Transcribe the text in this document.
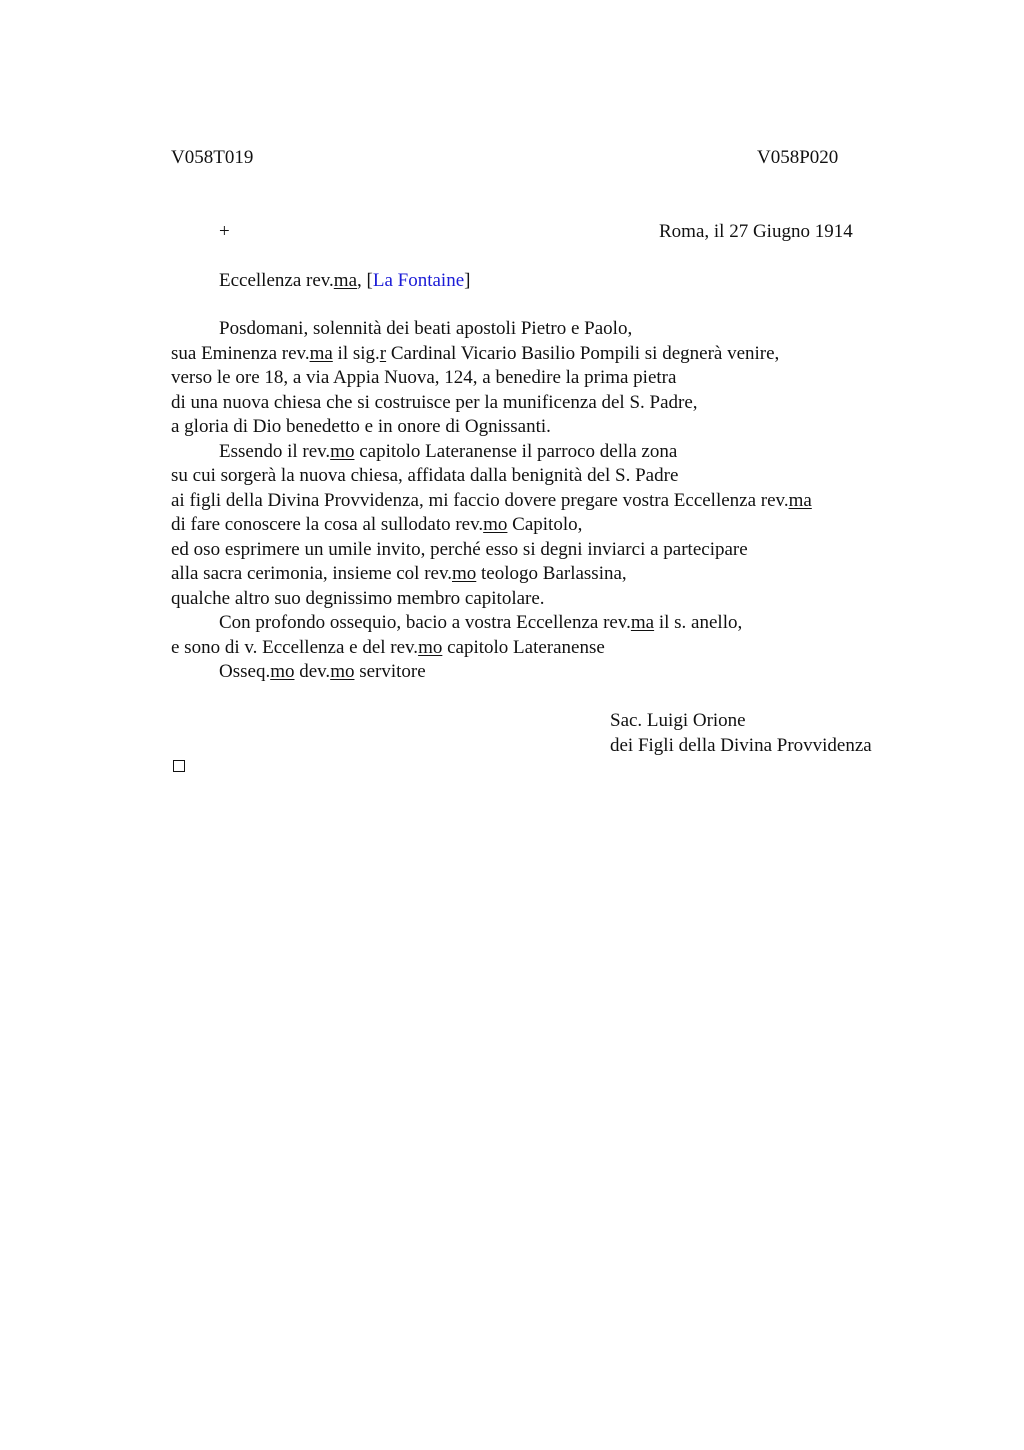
V058T019	V058P020
+	Roma, il 27 Giugno 1914
Eccellenza rev.ma, [La Fontaine]
Posdomani, solennità dei beati apostoli Pietro e Paolo,
sua Eminenza rev.ma il sig.r Cardinal Vicario Basilio Pompili si degnerà venire,
verso le ore 18, a via Appia Nuova, 124, a benedire la prima pietra
di una nuova chiesa che si costruisce per la munificenza del S. Padre,
a gloria di Dio benedetto e in onore di Ognissanti.
Essendo il rev.mo capitolo Lateranense il parroco della zona
su cui sorgerà la nuova chiesa, affidata dalla benignità del S. Padre
ai figli della Divina Provvidenza, mi faccio dovere pregare vostra Eccellenza rev.ma
di fare conoscere la cosa al sullodato rev.mo Capitolo,
ed oso esprimere un umile invito, perché esso si degni inviarci a partecipare
alla sacra cerimonia, insieme col rev.mo teologo Barlassina,
qualche altro suo degnissimo membro capitolare.
Con profondo ossequio, bacio a vostra Eccellenza rev.ma il s. anello,
e sono di v. Eccellenza e del rev.mo capitolo Lateranense
Osseq.mo dev.mo servitore
Sac. Luigi Orione
dei Figli della Divina Provvidenza
